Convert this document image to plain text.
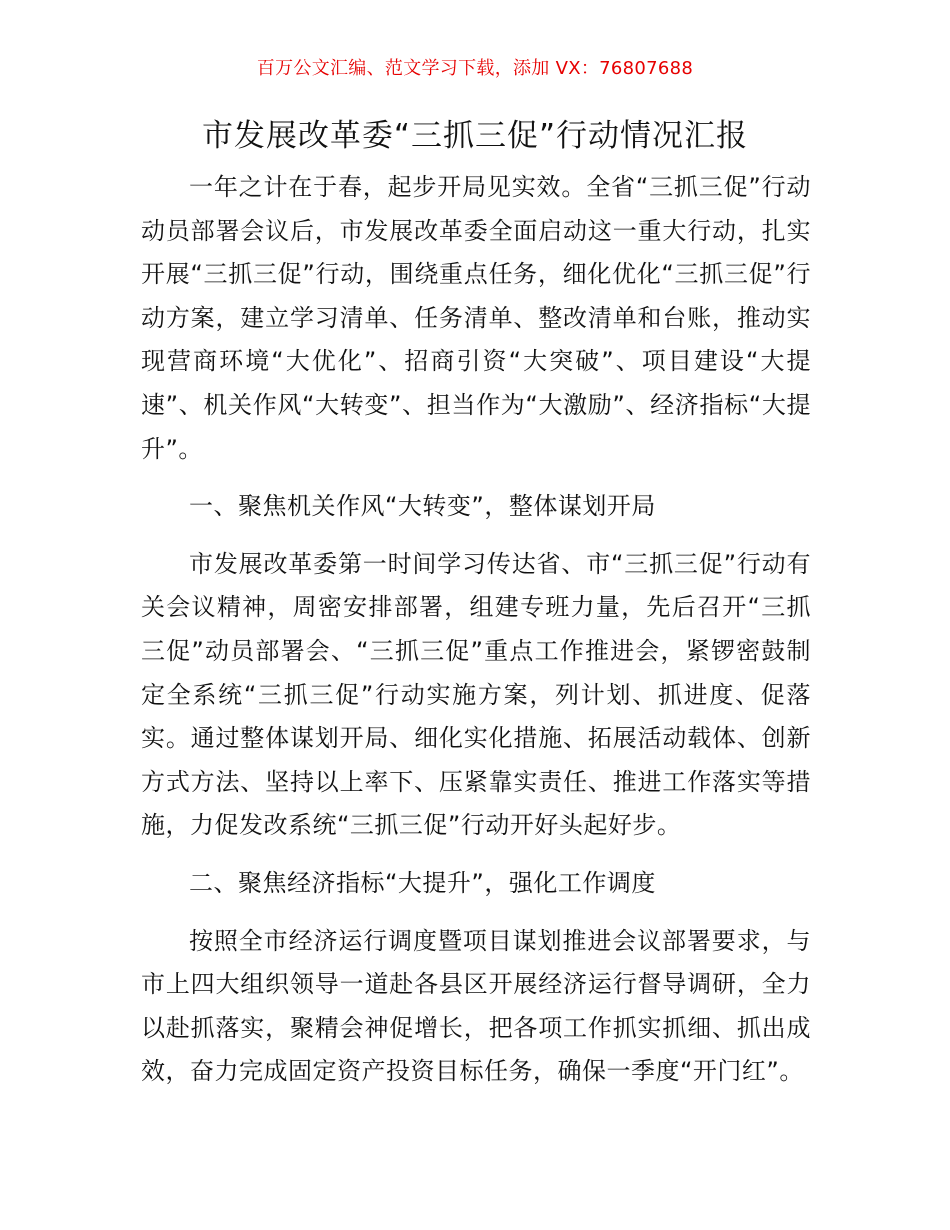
百万公文汇编、范文学习下载，添加 VX：76807688
市发展改革委“三抓三促”行动情况汇报

一年之计在于春，起步开局见实效。全省“三抓三促”行动动员部署会议后，市发展改革委全面启动这一重大行动，扎实开展“三抓三促”行动，围绕重点任务，细化优化“三抓三促”行动方案，建立学习清单、任务清单、整改清单和台账，推动实现营商环境“大优化”、招商引资“大突破”、项目建设“大提速”、机关作风“大转变”、担当作为“大激励”、经济指标“大提升”。

一、聚焦机关作风“大转变”，整体谋划开局

市发展改革委第一时间学习传达省、市“三抓三促”行动有关会议精神，周密安排部署，组建专班力量，先后召开“三抓三促”动员部署会、“三抓三促”重点工作推进会，紧锣密鼓制定全系统“三抓三促”行动实施方案，列计划、抓进度、促落实。通过整体谋划开局、细化实化措施、拓展活动载体、创新方式方法、坚持以上率下、压紧靠实责任、推进工作落实等措施，力促发改系统“三抓三促”行动开好头起好步。

二、聚焦经济指标“大提升”，强化工作调度

按照全市经济运行调度暨项目谋划推进会议部署要求，与市上四大组织领导一道赴各县区开展经济运行督导调研，全力以赴抓落实，聚精会神促增长，把各项工作抓实抓细、抓出成效，奋力完成固定资产投资目标任务，确保一季度“开门红”。
